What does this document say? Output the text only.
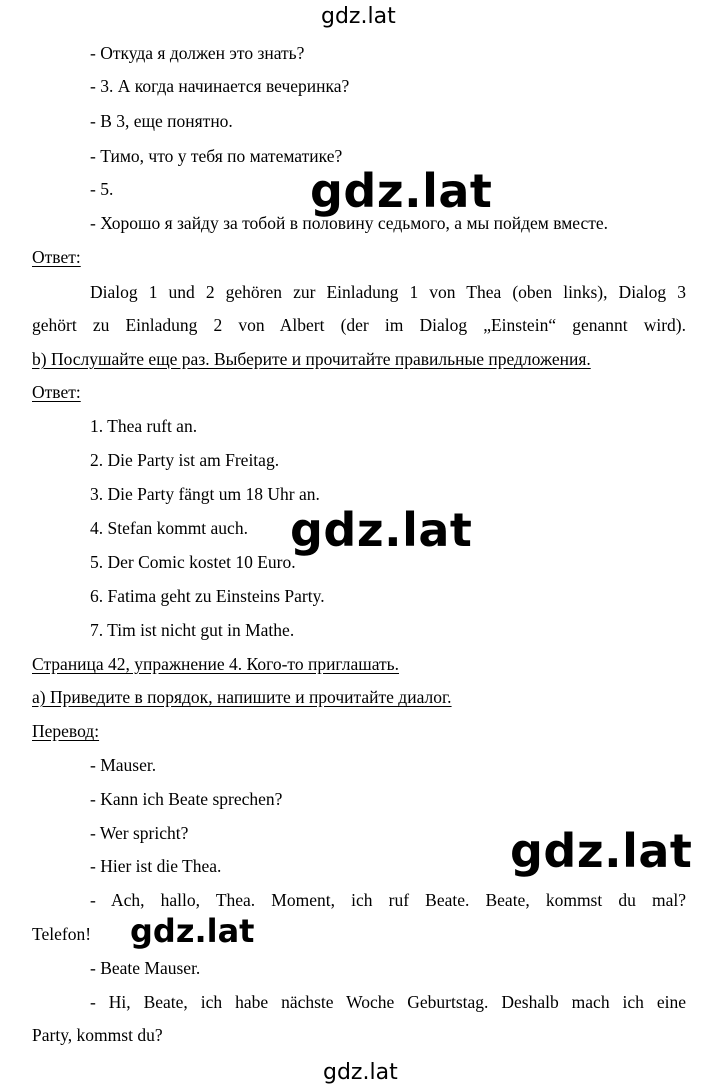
gdz.lat
- Откуда я должен это знать?
- 3. А когда начинается вечеринка?
- В 3, еще понятно.
- Тимо, что у тебя по математике?
- 5.
- Хорошо я зайду за тобой в половину седьмого, а мы пойдем вместе.
gdz.lat
Ответ:
Dialog 1 und 2 gehören zur Einladung 1 von Thea (oben links), Dialog 3
gehört zu Einladung 2 von Albert (der im Dialog „Einstein“ genannt wird).
b) Послушайте еще раз. Выберите и прочитайте правильные предложения.
Ответ:
1. Thea ruft an.
2. Die Party ist am Freitag.
3. Die Party fängt um 18 Uhr an.
4. Stefan kommt auch.
5. Der Comic kostet 10 Euro.
6. Fatima geht zu Einsteins Party.
7. Tim ist nicht gut in Mathe.
gdz.lat
Страница 42, упражнение 4. Кого-то приглашать.
а) Приведите в порядок, напишите и прочитайте диалог.
Перевод:
- Mauser.
- Kann ich Beate sprechen?
- Wer spricht?
- Hier ist die Thea.
- Ach, hallo, Thea. Moment, ich ruf Beate. Beate, kommst du mal?
Telefon!
gdz.lat
gdz.lat
- Beate Mauser.
- Hi, Beate, ich habe nächste Woche Geburtstag. Deshalb mach ich eine
Party, kommst du?
gdz.lat
